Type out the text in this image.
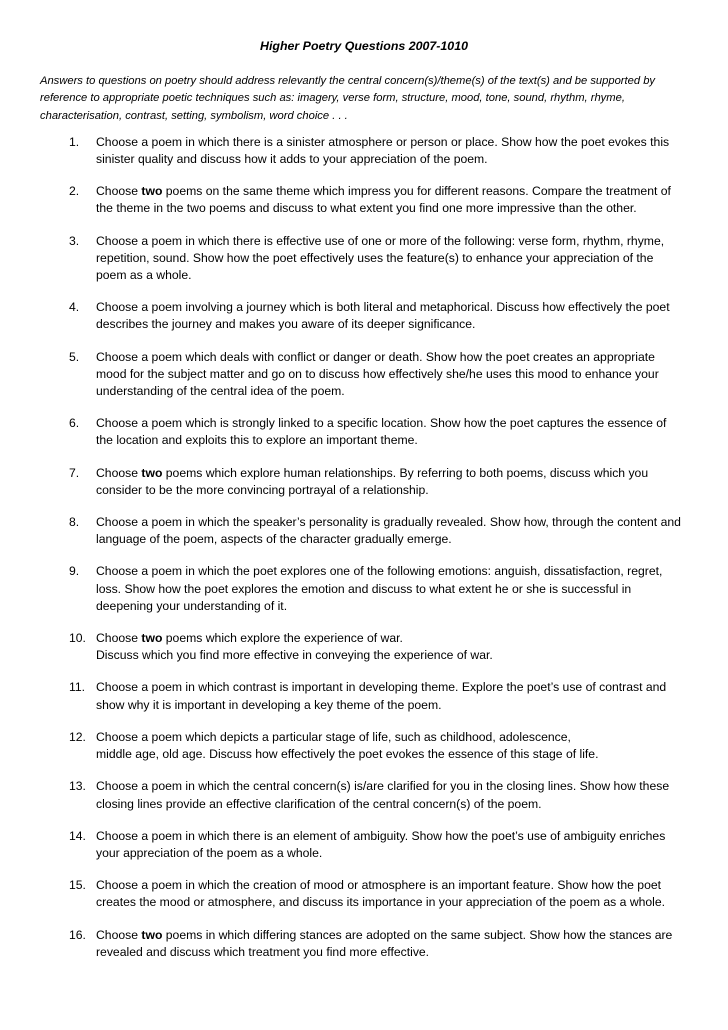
Higher Poetry Questions 2007-1010
Answers to questions on poetry should address relevantly the central concern(s)/theme(s) of the text(s) and be supported by reference to appropriate poetic techniques such as: imagery, verse form, structure, mood, tone, sound, rhythm, rhyme, characterisation, contrast, setting, symbolism, word choice . . .
1. Choose a poem in which there is a sinister atmosphere or person or place. Show how the poet evokes this sinister quality and discuss how it adds to your appreciation of the poem.
2. Choose two poems on the same theme which impress you for different reasons. Compare the treatment of the theme in the two poems and discuss to what extent you find one more impressive than the other.
3. Choose a poem in which there is effective use of one or more of the following: verse form, rhythm, rhyme, repetition, sound. Show how the poet effectively uses the feature(s) to enhance your appreciation of the poem as a whole.
4. Choose a poem involving a journey which is both literal and metaphorical. Discuss how effectively the poet describes the journey and makes you aware of its deeper significance.
5. Choose a poem which deals with conflict or danger or death. Show how the poet creates an appropriate mood for the subject matter and go on to discuss how effectively she/he uses this mood to enhance your understanding of the central idea of the poem.
6. Choose a poem which is strongly linked to a specific location. Show how the poet captures the essence of the location and exploits this to explore an important theme.
7. Choose two poems which explore human relationships. By referring to both poems, discuss which you consider to be the more convincing portrayal of a relationship.
8. Choose a poem in which the speaker’s personality is gradually revealed. Show how, through the content and language of the poem, aspects of the character gradually emerge.
9. Choose a poem in which the poet explores one of the following emotions: anguish, dissatisfaction, regret, loss. Show how the poet explores the emotion and discuss to what extent he or she is successful in deepening your understanding of it.
10. Choose two poems which explore the experience of war.
Discuss which you find more effective in conveying the experience of war.
11. Choose a poem in which contrast is important in developing theme. Explore the poet’s use of contrast and show why it is important in developing a key theme of the poem.
12. Choose a poem which depicts a particular stage of life, such as childhood, adolescence,
middle age, old age. Discuss how effectively the poet evokes the essence of this stage of life.
13. Choose a poem in which the central concern(s) is/are clarified for you in the closing lines. Show how these closing lines provide an effective clarification of the central concern(s) of the poem.
14. Choose a poem in which there is an element of ambiguity. Show how the poet’s use of ambiguity enriches your appreciation of the poem as a whole.
15. Choose a poem in which the creation of mood or atmosphere is an important feature. Show how the poet creates the mood or atmosphere, and discuss its importance in your appreciation of the poem as a whole.
16. Choose two poems in which differing stances are adopted on the same subject. Show how the stances are revealed and discuss which treatment you find more effective.
